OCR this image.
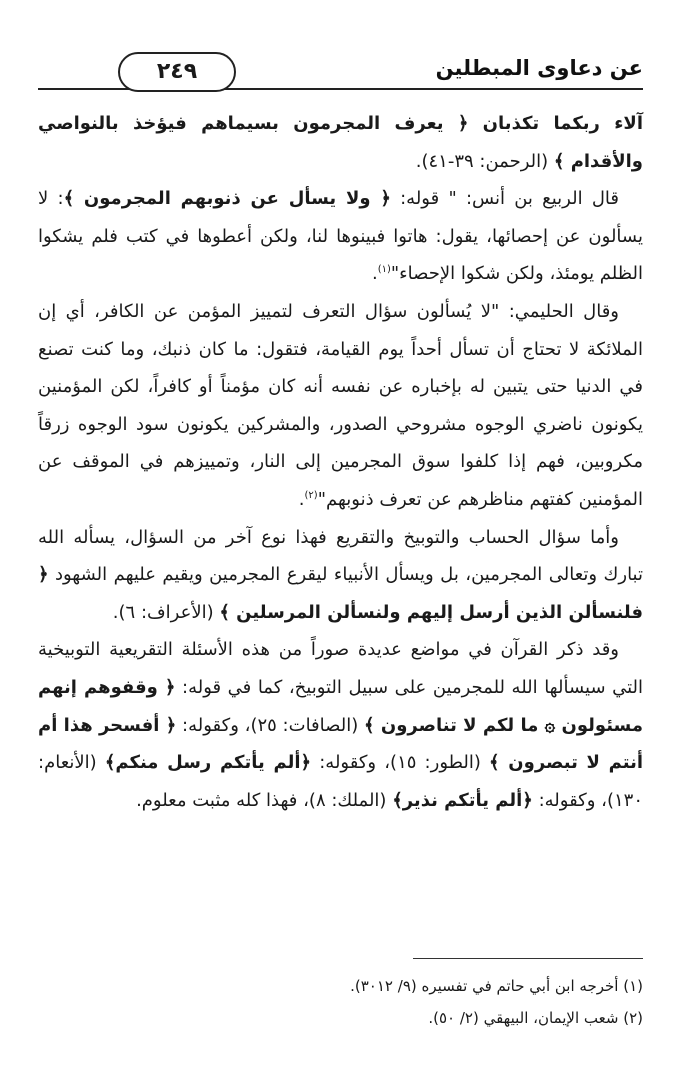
عن دعاوى المبطلين
٢٤٩

آلاء ربكما تكذبان ﴿ يعرف المجرمون بسيماهم فيؤخذ بالنواصي والأقدام ﴾ (الرحمن: ٣٩-٤١).

قال الربيع بن أنس: " قوله: ﴿ ولا يسأل عن ذنوبهم المجرمون ﴾: لا يسألون عن إحصائها، يقول: هاتوا فبينوها لنا، ولكن أعطوها في كتب فلم يشكوا الظلم يومئذ، ولكن شكوا الإحصاء"$^{(١)}$.

وقال الحليمي: "لا يُسألون سؤال التعرف لتمييز المؤمن عن الكافر، أي إن الملائكة لا تحتاج أن تسأل أحداً يوم القيامة، فتقول: ما كان ذنبك، وما كنت تصنع في الدنيا حتى يتبين له بإخباره عن نفسه أنه كان مؤمناً أو كافراً، لكن المؤمنين يكونون ناضري الوجوه مشروحي الصدور، والمشركين يكونون سود الوجوه زرقاً مكروبين، فهم إذا كلفوا سوق المجرمين إلى النار، وتمييزهم في الموقف عن المؤمنين كفتهم مناظرهم عن تعرف ذنوبهم"$^{(٢)}$.

وأما سؤال الحساب والتوبيخ والتقريع فهذا نوع آخر من السؤال، يسأله الله تبارك وتعالى المجرمين، بل ويسأل الأنبياء ليقرع المجرمين ويقيم عليهم الشهود ﴿ فلنسألن الذين أرسل إليهم ولنسألن المرسلين ﴾ (الأعراف: ٦).

وقد ذكر القرآن في مواضع عديدة صوراً من هذه الأسئلة التقريعية التوبيخية التي سيسألها الله للمجرمين على سبيل التوبيخ، كما في قوله: ﴿ وقفوهم إنهم مسئولون ۞ ما لكم لا تناصرون ﴾ (الصافات: ٢٥)، وكقوله: ﴿ أفسحر هذا أم أنتم لا تبصرون ﴾ (الطور: ١٥)، وكقوله: ﴿ألم يأتكم رسل منكم﴾ (الأنعام: ١٣٠)، وكقوله: ﴿ألم يأتكم نذير﴾ (الملك: ٨)، فهذا كله مثبت معلوم.

(١) أخرجه ابن أبي حاتم في تفسيره (٩/ ٣٠١٢).

(٢) شعب الإيمان، البيهقي (٢/ ٥٠).
